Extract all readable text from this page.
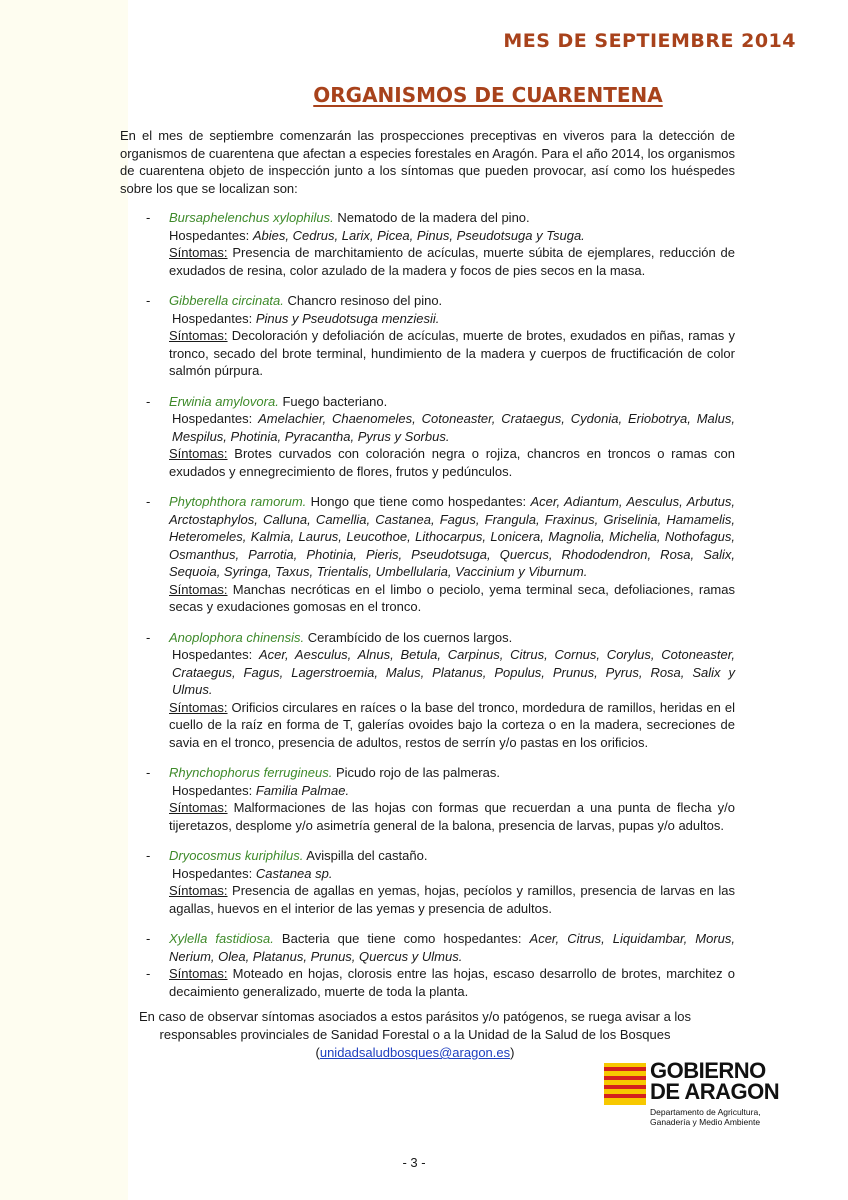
MES DE SEPTIEMBRE 2014
ORGANISMOS DE CUARENTENA

En el mes de septiembre comenzarán las prospecciones preceptivas en viveros para la detección de organismos de cuarentena que afectan a especies forestales en Aragón. Para el año 2014, los organismos de cuarentena objeto de inspección junto a los síntomas que pueden provocar, así como los huéspedes sobre los que se localizan son:

- Bursaphelenchus xylophilus. Nematodo de la madera del pino.

Hospedantes: Abies, Cedrus, Larix, Picea, Pinus, Pseudotsuga y Tsuga.

Síntomas: Presencia de marchitamiento de acículas, muerte súbita de ejemplares, reducción de exudados de resina, color azulado de la madera y focos de pies secos en la masa.

- Gibberella circinata. Chancro resinoso del pino.

Hospedantes: Pinus y Pseudotsuga menziesii.

Síntomas: Decoloración y defoliación de acículas, muerte de brotes, exudados en piñas, ramas y tronco, secado del brote terminal, hundimiento de la madera y cuerpos de fructificación de color salmón púrpura.

- Erwinia amylovora. Fuego bacteriano.

Hospedantes: Amelachier, Chaenomeles, Cotoneaster, Crataegus, Cydonia, Eriobotrya, Malus, Mespilus, Photinia, Pyracantha, Pyrus y Sorbus.

Síntomas: Brotes curvados con coloración negra o rojiza, chancros en troncos o ramas con exudados y ennegrecimiento de flores, frutos y pedúnculos.

- Phytophthora ramorum. Hongo que tiene como hospedantes: Acer, Adiantum, Aesculus, Arbutus, Arctostaphylos, Calluna, Camellia, Castanea, Fagus, Frangula, Fraxinus, Griselinia, Hamamelis, Heteromeles, Kalmia, Laurus, Leucothoe, Lithocarpus, Lonicera, Magnolia, Michelia, Nothofagus, Osmanthus, Parrotia, Photinia, Pieris, Pseudotsuga, Quercus, Rhododendron, Rosa, Salix, Sequoia, Syringa, Taxus, Trientalis, Umbellularia, Vaccinium y Viburnum.

Síntomas: Manchas necróticas en el limbo o peciolo, yema terminal seca, defoliaciones, ramas secas y exudaciones gomosas en el tronco.

- Anoplophora chinensis. Cerambícido de los cuernos largos.

Hospedantes: Acer, Aesculus, Alnus, Betula, Carpinus, Citrus, Cornus, Corylus, Cotoneaster, Crataegus, Fagus, Lagerstroemia, Malus, Platanus, Populus, Prunus, Pyrus, Rosa, Salix y Ulmus.

Síntomas: Orificios circulares en raíces o la base del tronco, mordedura de ramillos, heridas en el cuello de la raíz en forma de T, galerías ovoides bajo la corteza o en la madera, secreciones de savia en el tronco, presencia de adultos, restos de serrín y/o pastas en los orificios.

- Rhynchophorus ferrugineus. Picudo rojo de las palmeras.

Hospedantes: Familia Palmae.

Síntomas: Malformaciones de las hojas con formas que recuerdan a una punta de flecha y/o tijeretazos, desplome y/o asimetría general de la balona, presencia de larvas, pupas y/o adultos.

- Dryocosmus kuriphilus. Avispilla del castaño.

Hospedantes: Castanea sp.

Síntomas: Presencia de agallas en yemas, hojas, pecíolos y ramillos, presencia de larvas en las agallas, huevos en el interior de las yemas y presencia de adultos.

- Xylella fastidiosa. Bacteria que tiene como hospedantes: Acer, Citrus, Liquidambar, Morus, Nerium, Olea, Platanus, Prunus, Quercus y Ulmus.

- Síntomas: Moteado en hojas, clorosis entre las hojas, escaso desarrollo de brotes, marchitez o decaimiento generalizado, muerte de toda la planta.

En caso de observar síntomas asociados a estos parásitos y/o patógenos, se ruega avisar a los
responsables provinciales de Sanidad Forestal o a la Unidad de la Salud de los Bosques
(unidadsaludbosques@aragon.es)
GOBIERNO
DE ARAGON
Departamento de Agricultura,
Ganadería y Medio Ambiente
- 3 -
